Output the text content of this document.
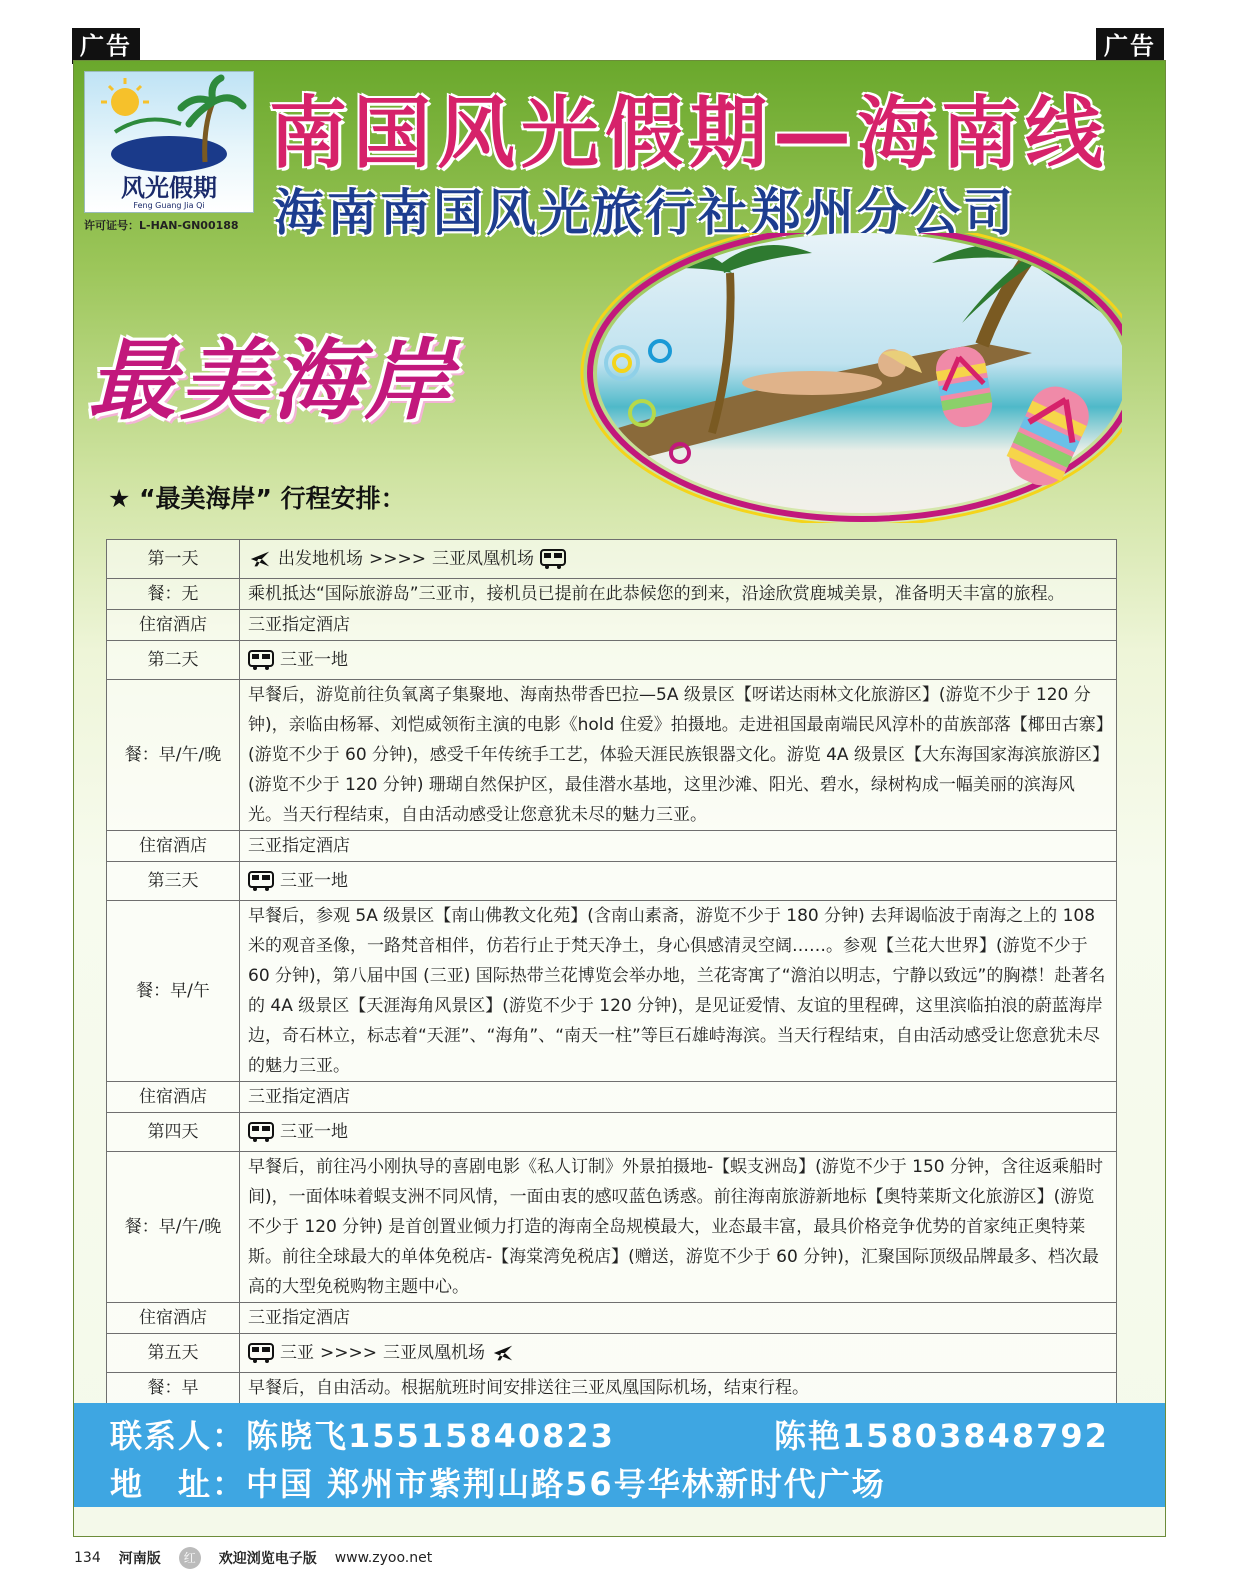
广告	广告
风光假期
Feng Guang Jia Qi
许可证号：L-HAN-GN00188
南国风光假期—海南线
海南南国风光旅行社郑州分公司
最美海岸
★ “最美海岸” 行程安排：
第一天	出发地机场 >>>> 三亚凤凰机场

餐：无	乘机抵达“国际旅游岛”三亚市，接机员已提前在此恭候您的到来，沿途欣赏鹿城美景，准备明天丰富的旅程。
住宿酒店	三亚指定酒店
第二天	三亚一地

餐：早/午/晚	早餐后，游览前往负氧离子集聚地、海南热带香巴拉—5A 级景区【呀诺达雨林文化旅游区】(游览不少于 120 分钟)，亲临由杨幂、刘恺威领衔主演的电影《hold 住爱》拍摄地。走进祖国最南端民风淳朴的苗族部落【椰田古寨】(游览不少于 60 分钟)，感受千年传统手工艺，体验天涯民族银器文化。游览 4A 级景区【大东海国家海滨旅游区】(游览不少于 120 分钟) 珊瑚自然保护区，最佳潜水基地，这里沙滩、阳光、碧水，绿树构成一幅美丽的滨海风光。当天行程结束，自由活动感受让您意犹未尽的魅力三亚。
住宿酒店	三亚指定酒店
第三天	三亚一地

餐：早/午	早餐后，参观 5A 级景区【南山佛教文化苑】(含南山素斋，游览不少于 180 分钟) 去拜谒临波于南海之上的 108 米的观音圣像，一路梵音相伴，仿若行止于梵天净土，身心俱感清灵空阔……。参观【兰花大世界】(游览不少于 60 分钟)，第八届中国 (三亚) 国际热带兰花博览会举办地，兰花寄寓了“澹泊以明志，宁静以致远”的胸襟！赴著名的 4A 级景区【天涯海角风景区】(游览不少于 120 分钟)，是见证爱情、友谊的里程碑，这里滨临拍浪的蔚蓝海岸边，奇石林立，标志着“天涯”、“海角”、“南天一柱”等巨石雄峙海滨。当天行程结束，自由活动感受让您意犹未尽的魅力三亚。
住宿酒店	三亚指定酒店
第四天	三亚一地

餐：早/午/晚	早餐后，前往冯小刚执导的喜剧电影《私人订制》外景拍摄地-【蜈支洲岛】(游览不少于 150 分钟，含往返乘船时间)，一面体味着蜈支洲不同风情，一面由衷的感叹蓝色诱惑。前往海南旅游新地标【奥特莱斯文化旅游区】(游览不少于 120 分钟) 是首创置业倾力打造的海南全岛规模最大，业态最丰富，最具价格竞争优势的首家纯正奥特莱斯。前往全球最大的单体免税店-【海棠湾免税店】(赠送，游览不少于 60 分钟)，汇聚国际顶级品牌最多、档次最高的大型免税购物主题中心。
住宿酒店	三亚指定酒店
第五天	三亚 >>>> 三亚凤凰机场

餐：早	早餐后，自由活动。根据航班时间安排送往三亚凤凰国际机场，结束行程。
联系人：陈晓飞15515840823	陈艳15803848792
地　址：中国 郑州市紫荆山路56号华林新时代广场
134 河南版	红	欢迎浏览电子版 www.zyoo.net
